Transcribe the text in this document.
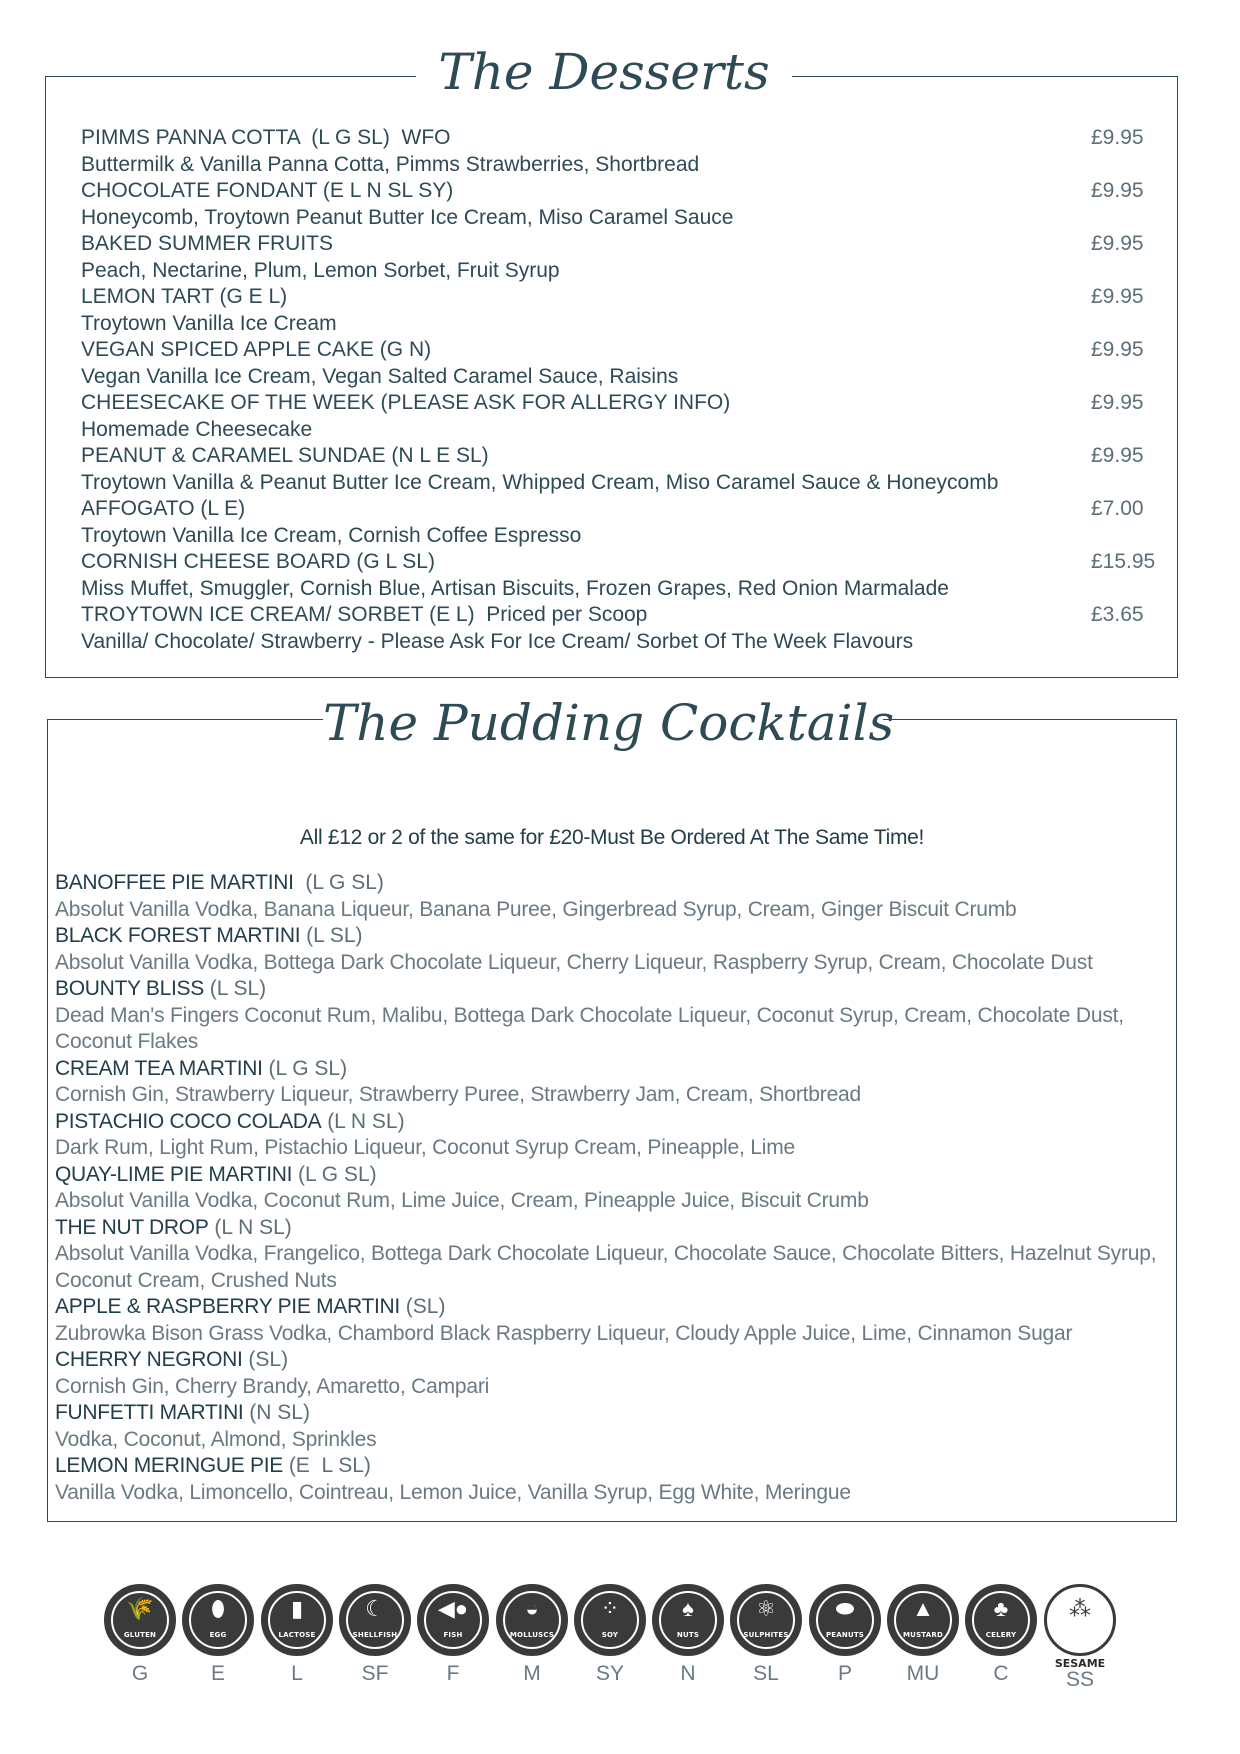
The Desserts
PIMMS PANNA COTTA  (L G SL)  WFO	£9.95
Buttermilk & Vanilla Panna Cotta, Pimms Strawberries, Shortbread
CHOCOLATE FONDANT (E L N SL SY)	£9.95
Honeycomb, Troytown Peanut Butter Ice Cream, Miso Caramel Sauce
BAKED SUMMER FRUITS	£9.95
Peach, Nectarine, Plum, Lemon Sorbet, Fruit Syrup
LEMON TART (G E L)	£9.95
Troytown Vanilla Ice Cream
VEGAN SPICED APPLE CAKE (G N)	£9.95
Vegan Vanilla Ice Cream, Vegan Salted Caramel Sauce, Raisins
CHEESECAKE OF THE WEEK (PLEASE ASK FOR ALLERGY INFO)	£9.95
Homemade Cheesecake
PEANUT & CARAMEL SUNDAE (N L E SL)	£9.95
Troytown Vanilla & Peanut Butter Ice Cream, Whipped Cream, Miso Caramel Sauce & Honeycomb
AFFOGATO (L E)	£7.00
Troytown Vanilla Ice Cream, Cornish Coffee Espresso
CORNISH CHEESE BOARD (G L SL)	£15.95
Miss Muffet, Smuggler, Cornish Blue, Artisan Biscuits, Frozen Grapes, Red Onion Marmalade
TROYTOWN ICE CREAM/ SORBET (E L)  Priced per Scoop	£3.65
Vanilla/ Chocolate/ Strawberry - Please Ask For Ice Cream/ Sorbet Of The Week Flavours
The Pudding Cocktails
All £12 or 2 of the same for £20-Must Be Ordered At The Same Time!
BANOFFEE PIE MARTINI  (L G SL)
Absolut Vanilla Vodka, Banana Liqueur, Banana Puree, Gingerbread Syrup, Cream, Ginger Biscuit Crumb
BLACK FOREST MARTINI (L SL)
Absolut Vanilla Vodka, Bottega Dark Chocolate Liqueur, Cherry Liqueur, Raspberry Syrup, Cream, Chocolate Dust
BOUNTY BLISS (L SL)
Dead Man's Fingers Coconut Rum, Malibu, Bottega Dark Chocolate Liqueur, Coconut Syrup, Cream, Chocolate Dust, Coconut Flakes
CREAM TEA MARTINI (L G SL)
Cornish Gin, Strawberry Liqueur, Strawberry Puree, Strawberry Jam, Cream, Shortbread
PISTACHIO COCO COLADA (L N SL)
Dark Rum, Light Rum, Pistachio Liqueur, Coconut Syrup Cream, Pineapple, Lime
QUAY-LIME PIE MARTINI (L G SL)
Absolut Vanilla Vodka, Coconut Rum, Lime Juice, Cream, Pineapple Juice, Biscuit Crumb
THE NUT DROP (L N SL)
Absolut Vanilla Vodka, Frangelico, Bottega Dark Chocolate Liqueur, Chocolate Sauce, Chocolate Bitters, Hazelnut Syrup, Coconut Cream, Crushed Nuts
APPLE & RASPBERRY PIE MARTINI (SL)
Zubrowka Bison Grass Vodka, Chambord Black Raspberry Liqueur, Cloudy Apple Juice, Lime, Cinnamon Sugar
CHERRY NEGRONI (SL)
Cornish Gin, Cherry Brandy, Amaretto, Campari
FUNFETTI MARTINI (N SL)
Vodka, Coconut, Almond, Sprinkles
LEMON MERINGUE PIE (E  L SL)
Vanilla Vodka, Limoncello, Cointreau, Lemon Juice, Vanilla Syrup, Egg White, Meringue
🌾
GLUTEN
G
⬮
EGG
E
▮
LACTOSE
L
☾
SHELLFISH
SF
◀●
FISH
F
◒
MOLLUSCS
M
⁘
SOY
SY
♠
NUTS
N
⚛
SULPHITES
SL
⬬
PEANUTS
P
▲
MUSTARD
MU
♣
CELERY
C
⁂
SESAME
SS
